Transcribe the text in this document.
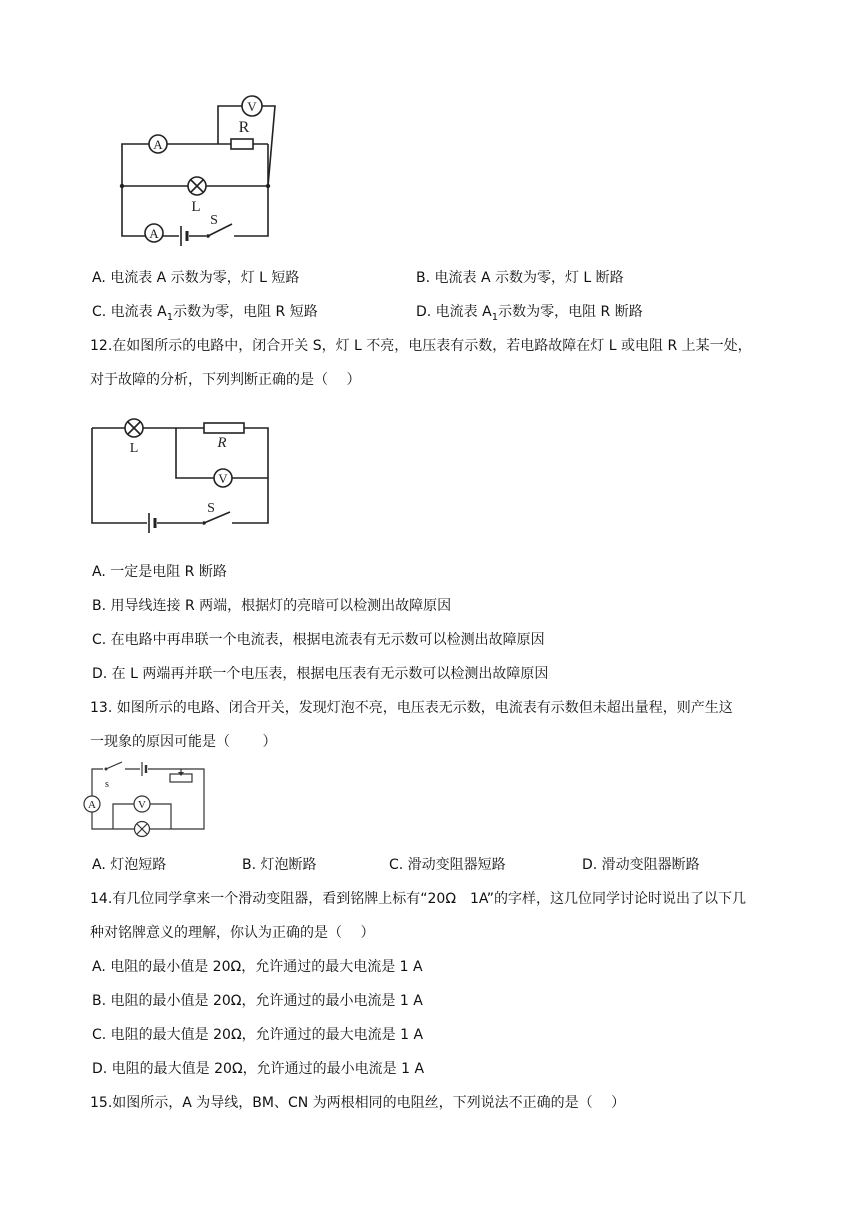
A
R
V
L
A
S
A. 电流表 A 示数为零，灯 L 短路	B. 电流表 A 示数为零，灯 L 断路
C. 电流表 $A_1$示数为零，电阻 R 短路	D. 电流表 $A_1$示数为零，电阻 R 断路
12.在如图所示的电路中，闭合开关 S，灯 L 不亮，电压表有示数，若电路故障在灯 L 或电阻 R 上某一处，
对于故障的分析，下列判断正确的是（　 ）
L	R
V
S
A. 一定是电阻 R 断路
B. 用导线连接 R 两端，根据灯的亮暗可以检测出故障原因
C. 在电路中再串联一个电流表，根据电流表有无示数可以检测出故障原因
D. 在 L 两端再并联一个电压表，根据电压表有无示数可以检测出故障原因
13. 如图所示的电路、闭合开关，发现灯泡不亮，电压表无示数，电流表有示数但未超出量程，则产生这
一现象的原因可能是（　　 ）
s
A	V
A. 灯泡短路	B. 灯泡断路	C. 滑动变阻器短路	D. 滑动变阻器断路
14.有几位同学拿来一个滑动变阻器，看到铭牌上标有“20Ω　1A”的字样，这几位同学讨论时说出了以下几
种对铭牌意义的理解，你认为正确的是（　 ）
A. 电阻的最小值是 20Ω，允许通过的最大电流是 1 A
B. 电阻的最小值是 20Ω，允许通过的最小电流是 1 A
C. 电阻的最大值是 20Ω，允许通过的最大电流是 1 A
D. 电阻的最大值是 20Ω，允许通过的最小电流是 1 A
15.如图所示，A 为导线，BM、CN 为两根相同的电阻丝，下列说法不正确的是（　 ）
